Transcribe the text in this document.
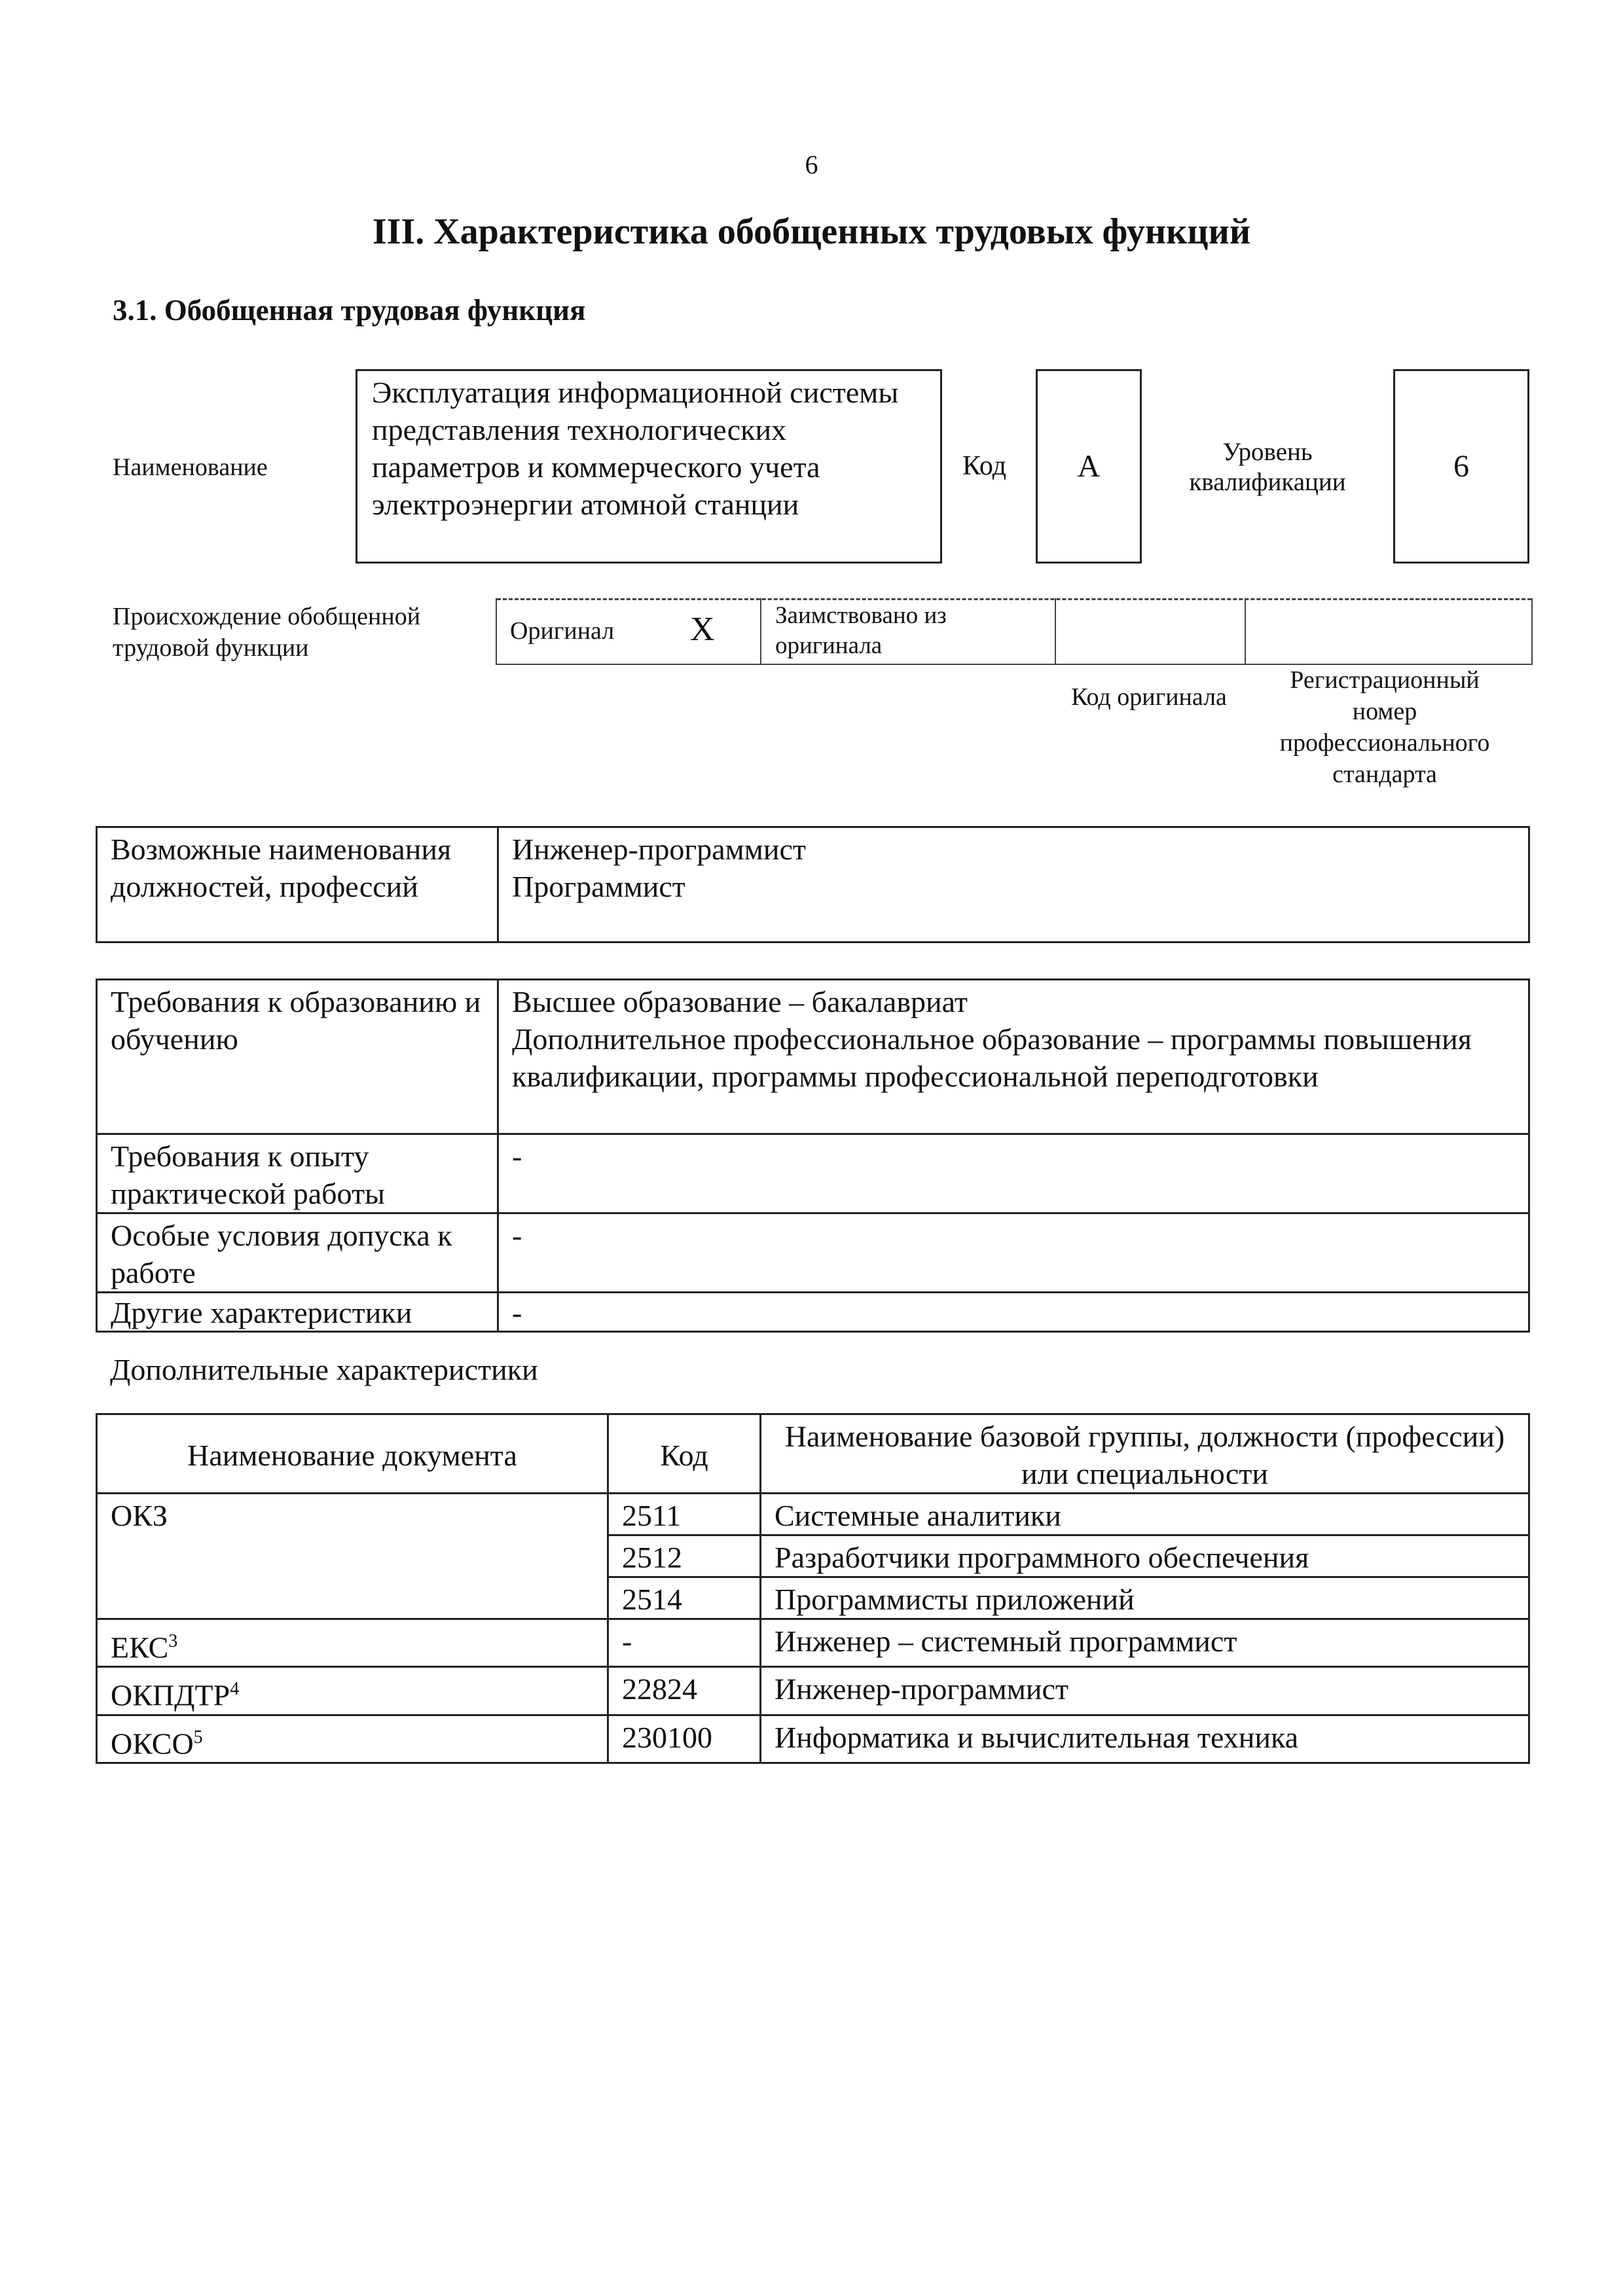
6
III. Характеристика обобщенных трудовых функций
3.1. Обобщенная трудовая функция
Наименование
Эксплуатация информационной системы представления технологических параметров и коммерческого учета электроэнергии атомной станции
Код	А	Уровень квалификации	6
Происхождение обобщенной трудовой функции
Оригинал X Заимствовано из оригинала
Код оригинала
Регистрационный номер профессионального стандарта
Возможные наименования должностей, профессий	
Инженер-программист
Программист
Требования к образованию и обучению	Высшее образование – бакалавриат
Дополнительное профессиональное образование – программы повышения квалификации, программы профессиональной переподготовки
Требования к опыту практической работы	-
Особые условия допуска к работе	-
Другие характеристики	-
Дополнительные характеристики
Наименование документа	Код	Наименование базовой группы, должности (профессии) или специальности
ОКЗ	2511	Системные аналитики
	2512	Разработчики программного обеспечения
	2514	Программисты приложений
ЕКС$^3$	-	Инженер – системный программист
ОКПДТР$^4$	22824	Инженер-программист
ОКСО$^5$	230100	Информатика и вычислительная техника
